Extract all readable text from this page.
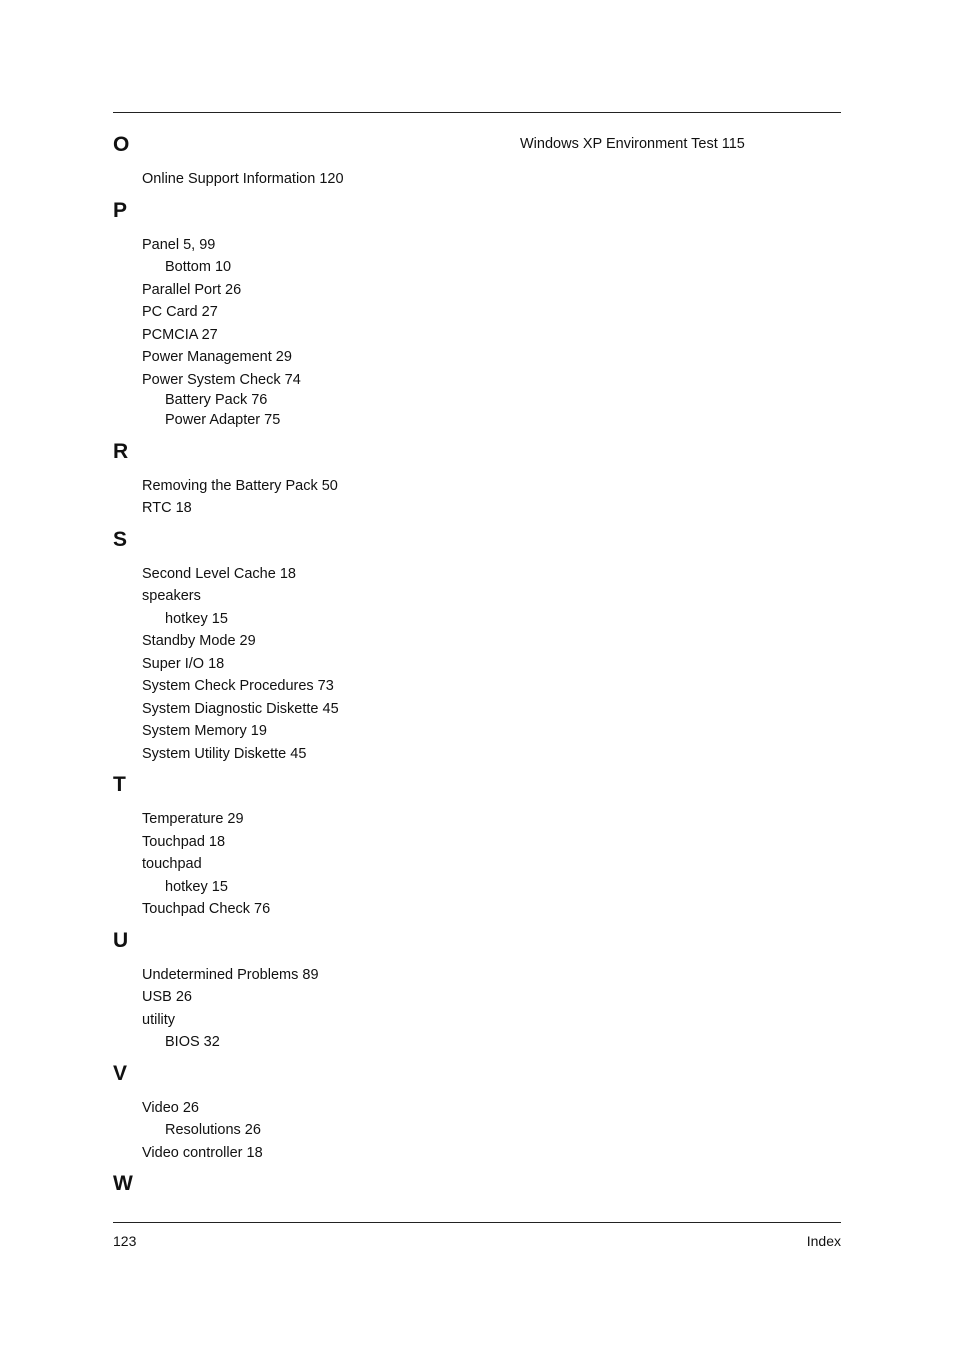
O
Online Support Information 120
P
Panel 5, 99
Bottom 10
Parallel Port 26
PC Card 27
PCMCIA 27
Power Management 29
Power System Check 74
Battery Pack 76
Power Adapter 75
R
Removing the Battery Pack 50
RTC 18
S
Second Level Cache 18
speakers
hotkey 15
Standby Mode 29
Super I/O 18
System Check Procedures 73
System Diagnostic Diskette 45
System Memory 19
System Utility Diskette 45
T
Temperature 29
Touchpad 18
touchpad
hotkey 15
Touchpad Check 76
U
Undetermined Problems 89
USB 26
utility
BIOS 32
V
Video 26
Resolutions 26
Video controller 18
W
Windows XP Environment Test 115
123	Index
